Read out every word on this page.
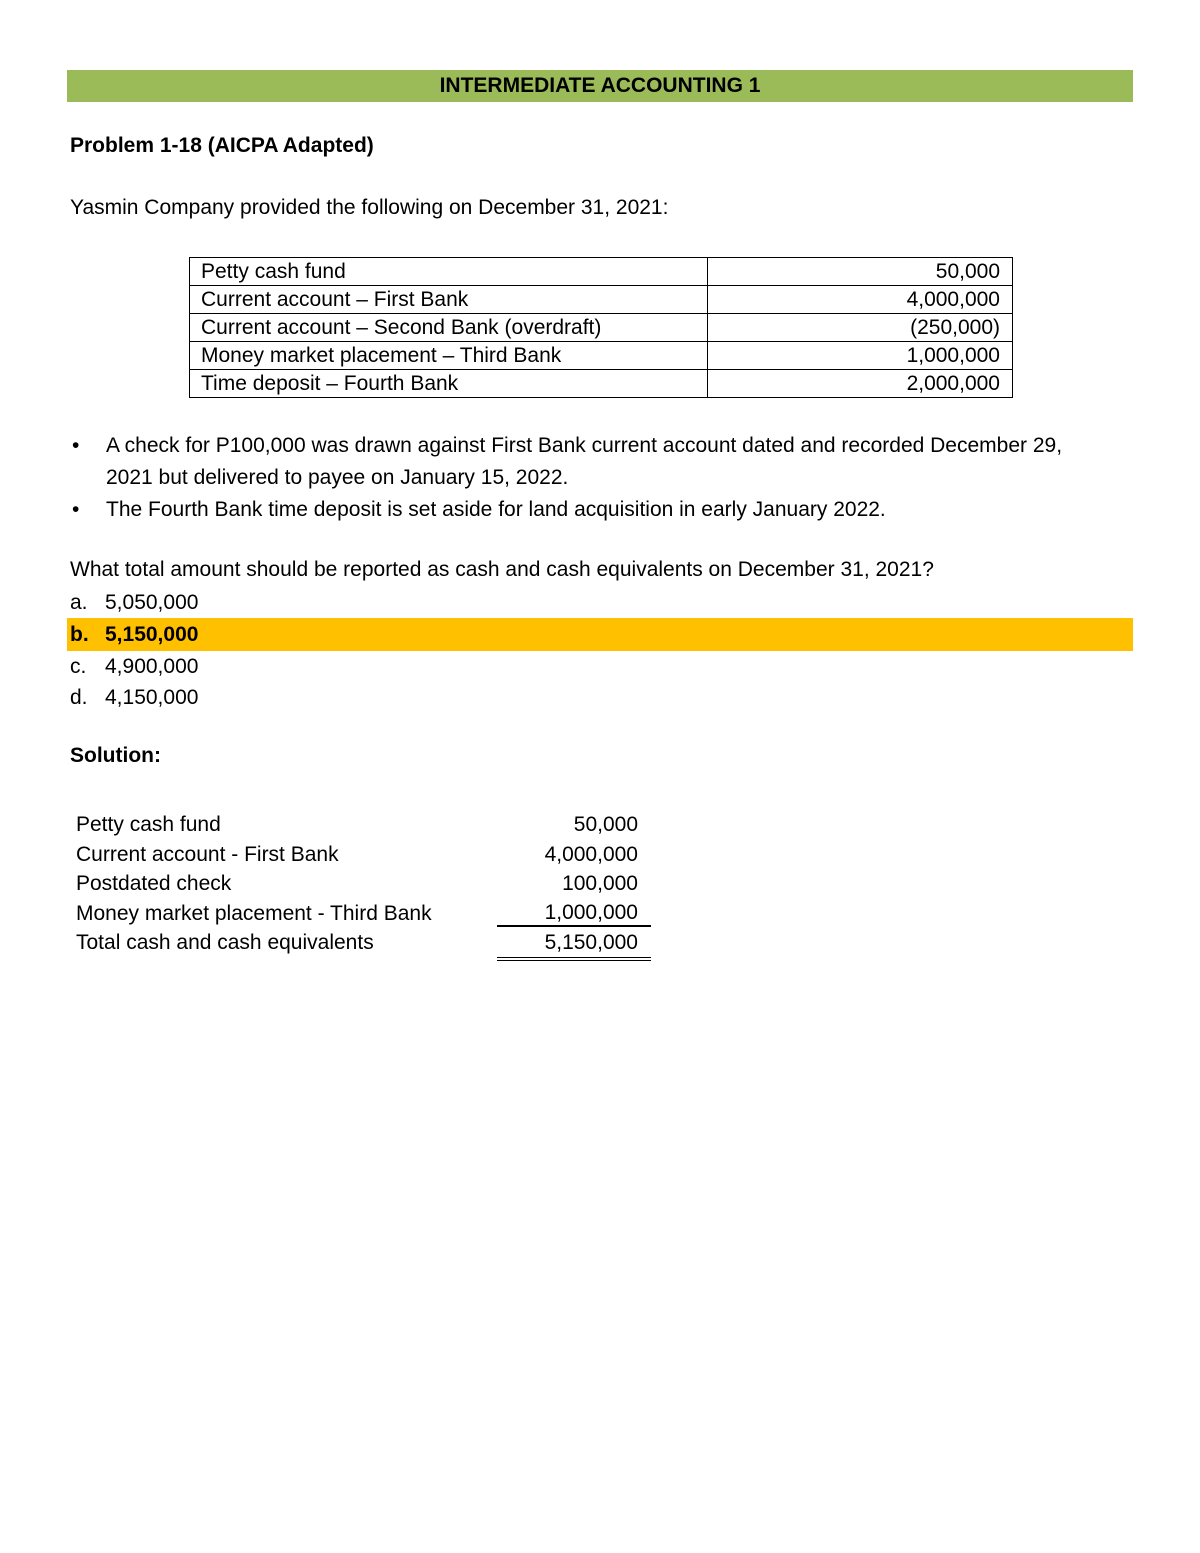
INTERMEDIATE ACCOUNTING 1
Problem 1-18 (AICPA Adapted)
Yasmin Company provided the following on December 31, 2021:
Petty cash fund	50,000
Current account – First Bank	4,000,000
Current account – Second Bank (overdraft)	(250,000)
Money market placement – Third Bank	1,000,000
Time deposit – Fourth Bank	2,000,000
• A check for P100,000 was drawn against First Bank current account dated and recorded December 29, 2021 but delivered to payee on January 15, 2022.
• The Fourth Bank time deposit is set aside for land acquisition in early January 2022.
What total amount should be reported as cash and cash equivalents on December 31, 2021?
a. 5,050,000
b. 5,150,000
c. 4,900,000
d. 4,150,000
Solution:
Petty cash fund	50,000
Current account - First Bank	4,000,000
Postdated check	100,000
Money market placement - Third Bank	1,000,000
Total cash and cash equivalents	5,150,000
